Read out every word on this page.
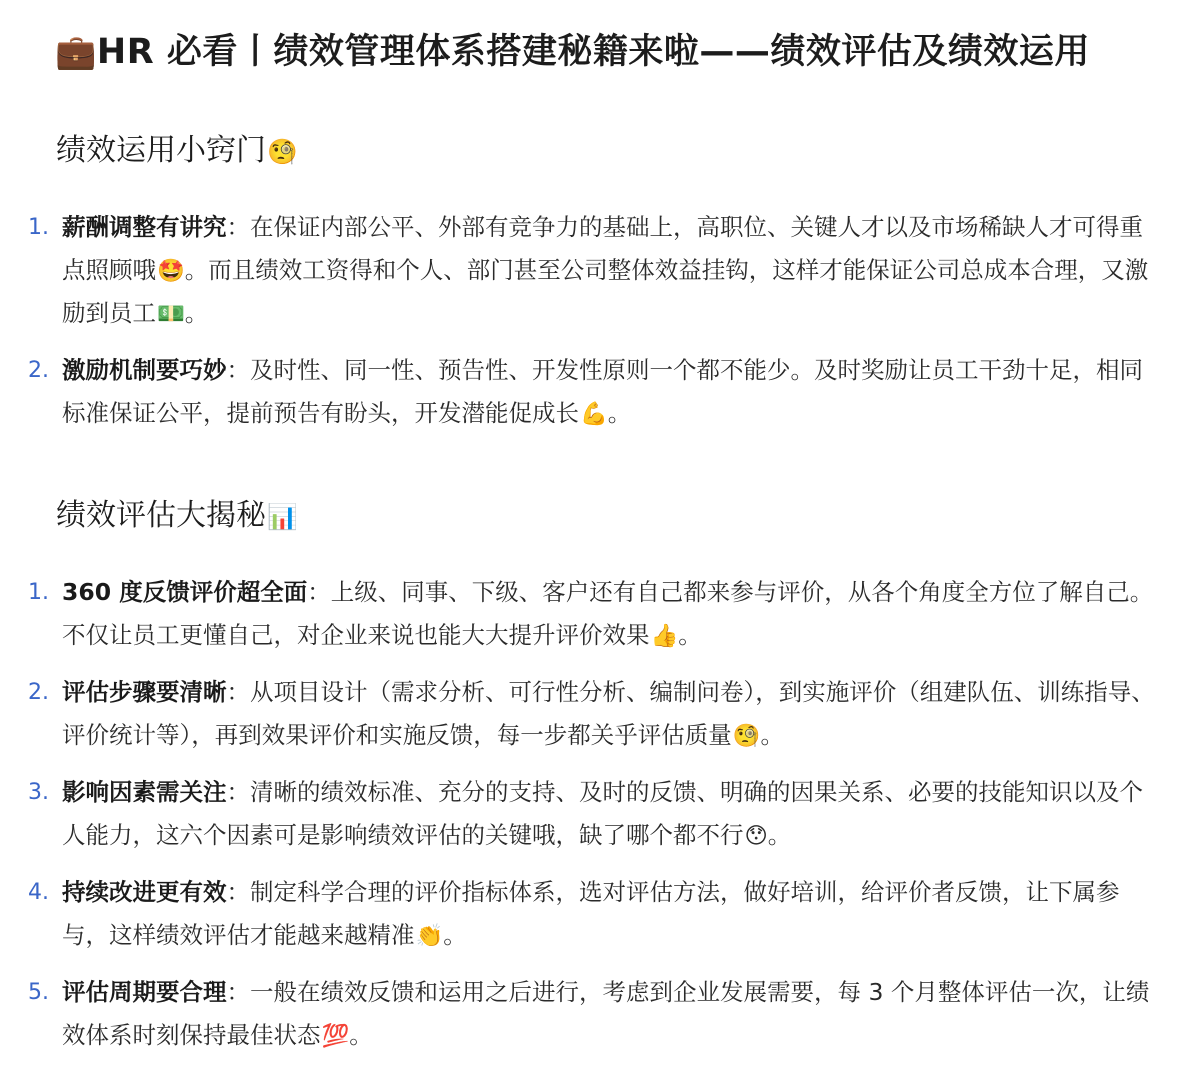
💼HR 必看丨绩效管理体系搭建秘籍来啦——绩效评估及绩效运用
绩效运用小窍门🧐
1. 薪酬调整有讲究：在保证内部公平、外部有竞争力的基础上，高职位、关键人才以及市场稀缺人才可得重点照顾哦🤩。而且绩效工资得和个人、部门甚至公司整体效益挂钩，这样才能保证公司总成本合理，又激励到员工💵。
2. 激励机制要巧妙：及时性、同一性、预告性、开发性原则一个都不能少。及时奖励让员工干劲十足，相同标准保证公平，提前预告有盼头，开发潜能促成长💪。
绩效评估大揭秘📊
1. 360 度反馈评价超全面：上级、同事、下级、客户还有自己都来参与评价，从各个角度全方位了解自己。不仅让员工更懂自己，对企业来说也能大大提升评价效果👍。
2. 评估步骤要清晰：从项目设计（需求分析、可行性分析、编制问卷），到实施评价（组建队伍、训练指导、评价统计等），再到效果评价和实施反馈，每一步都关乎评估质量🧐。
3. 影响因素需关注：清晰的绩效标准、充分的支持、及时的反馈、明确的因果关系、必要的技能知识以及个人能力，这六个因素可是影响绩效评估的关键哦，缺了哪个都不行😯。
4. 持续改进更有效：制定科学合理的评价指标体系，选对评估方法，做好培训，给评价者反馈，让下属参与，这样绩效评估才能越来越精准👏。
5. 评估周期要合理：一般在绩效反馈和运用之后进行，考虑到企业发展需要，每 3 个月整体评估一次，让绩效体系时刻保持最佳状态💯。
